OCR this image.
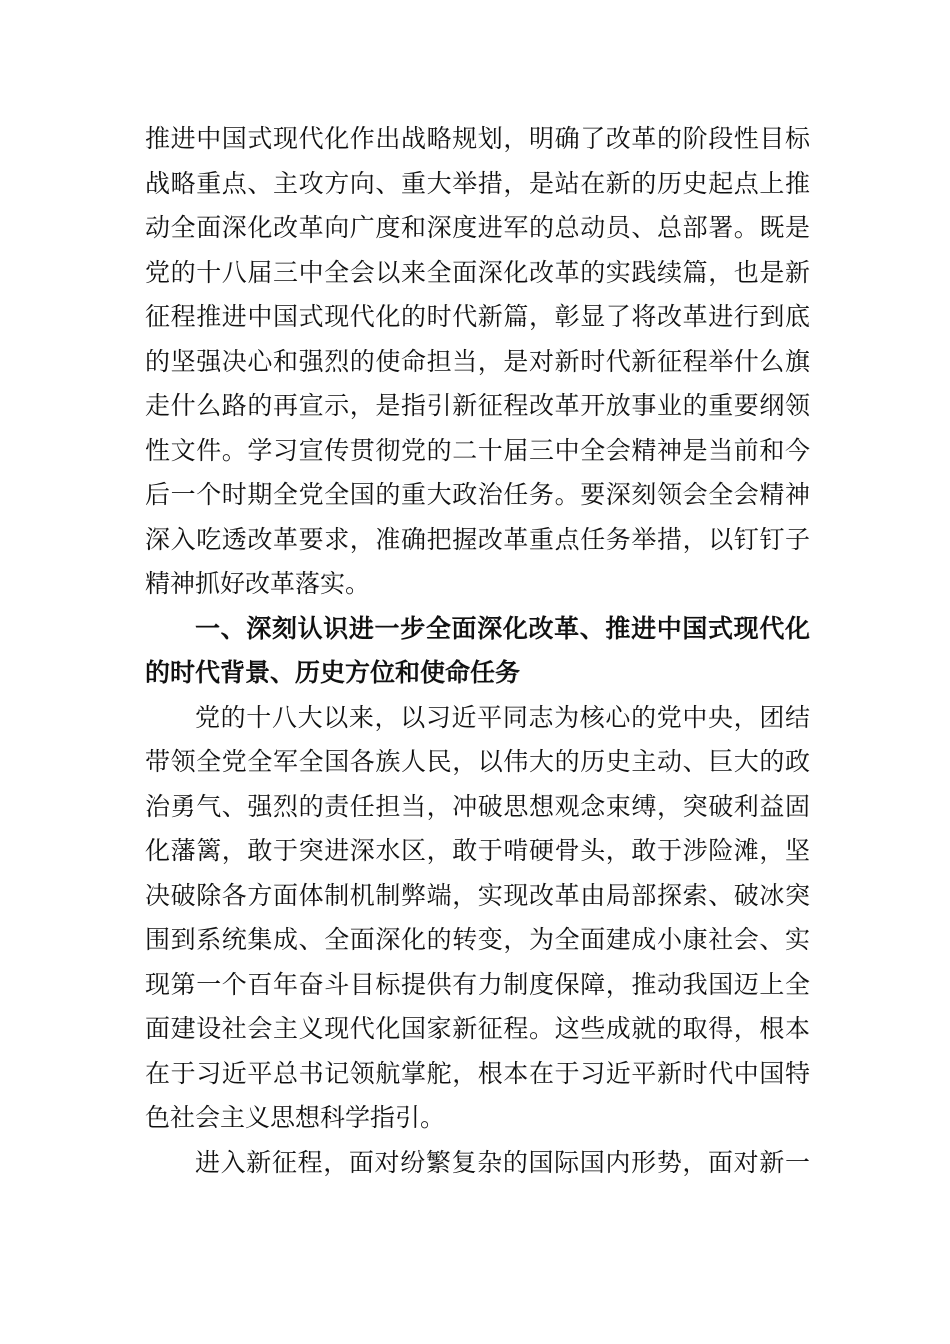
推进中国式现代化作出战略规划，明确了改革的阶段性目标
战略重点、主攻方向、重大举措，是站在新的历史起点上推
动全面深化改革向广度和深度进军的总动员、总部署。既是
党的十八届三中全会以来全面深化改革的实践续篇，也是新
征程推进中国式现代化的时代新篇，彰显了将改革进行到底
的坚强决心和强烈的使命担当，是对新时代新征程举什么旗
走什么路的再宣示，是指引新征程改革开放事业的重要纲领
性文件。学习宣传贯彻党的二十届三中全会精神是当前和今
后一个时期全党全国的重大政治任务。要深刻领会全会精神
深入吃透改革要求，准确把握改革重点任务举措，以钉钉子
精神抓好改革落实。
一、深刻认识进一步全面深化改革、推进中国式现代化
的时代背景、历史方位和使命任务
党的十八大以来，以习近平同志为核心的党中央，团结
带领全党全军全国各族人民，以伟大的历史主动、巨大的政
治勇气、强烈的责任担当，冲破思想观念束缚，突破利益固
化藩篱，敢于突进深水区，敢于啃硬骨头，敢于涉险滩，坚
决破除各方面体制机制弊端，实现改革由局部探索、破冰突
围到系统集成、全面深化的转变，为全面建成小康社会、实
现第一个百年奋斗目标提供有力制度保障，推动我国迈上全
面建设社会主义现代化国家新征程。这些成就的取得，根本
在于习近平总书记领航掌舵，根本在于习近平新时代中国特
色社会主义思想科学指引。
进入新征程，面对纷繁复杂的国际国内形势，面对新一
